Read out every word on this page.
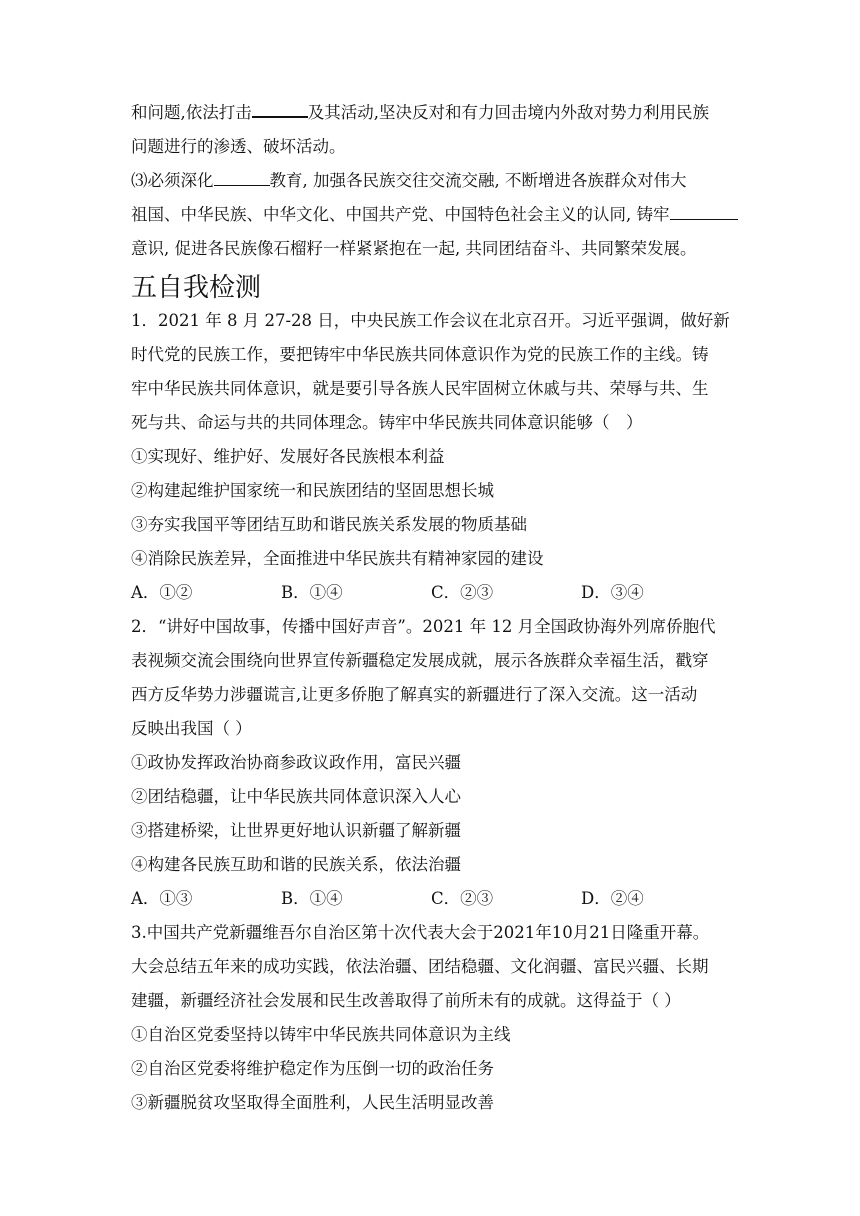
和问题,依法打击	及其活动,坚决反对和有力回击境内外敌对势力利用民族
问题进行的渗透、破坏活动。
⑶必须深化	教育, 加强各民族交往交流交融, 不断增进各族群众对伟大
祖国、中华民族、中华文化、中国共产党、中国特色社会主义的认同, 铸牢
意识, 促进各民族像石榴籽一样紧紧抱在一起, 共同团结奋斗、共同繁荣发展。
五自我检测
1．2021 年 8 月 27-28 日，中央民族工作会议在北京召开。习近平强调，做好新
时代党的民族工作，要把铸牢中华民族共同体意识作为党的民族工作的主线。铸
牢中华民族共同体意识，就是要引导各族人民牢固树立休戚与共、荣辱与共、生
死与共、命运与共的共同体理念。铸牢中华民族共同体意识能够（　）
①实现好、维护好、发展好各民族根本利益
②构建起维护国家统一和民族团结的坚固思想长城
③夯实我国平等团结互助和谐民族关系发展的物质基础
④消除民族差异，全面推进中华民族共有精神家园的建设
A．①②	B．①④	C．②③	D．③④
2．“讲好中国故事，传播中国好声音”。2021 年 12 月全国政协海外列席侨胞代
表视频交流会围绕向世界宣传新疆稳定发展成就，展示各族群众幸福生活，戳穿
西方反华势力涉疆谎言,让更多侨胞了解真实的新疆进行了深入交流。这一活动
反映出我国（ ）
①政协发挥政治协商参政议政作用，富民兴疆
②团结稳疆，让中华民族共同体意识深入人心
③搭建桥梁，让世界更好地认识新疆了解新疆
④构建各民族互助和谐的民族关系，依法治疆
A．①③	B．①④	C．②③	D．②④
3.中国共产党新疆维吾尔自治区第十次代表大会于2021年10月21日隆重开幕。
大会总结五年来的成功实践，依法治疆、团结稳疆、文化润疆、富民兴疆、长期
建疆，新疆经济社会发展和民生改善取得了前所未有的成就。这得益于（ ）
①自治区党委坚持以铸牢中华民族共同体意识为主线
②自治区党委将维护稳定作为压倒一切的政治任务
③新疆脱贫攻坚取得全面胜利，人民生活明显改善
